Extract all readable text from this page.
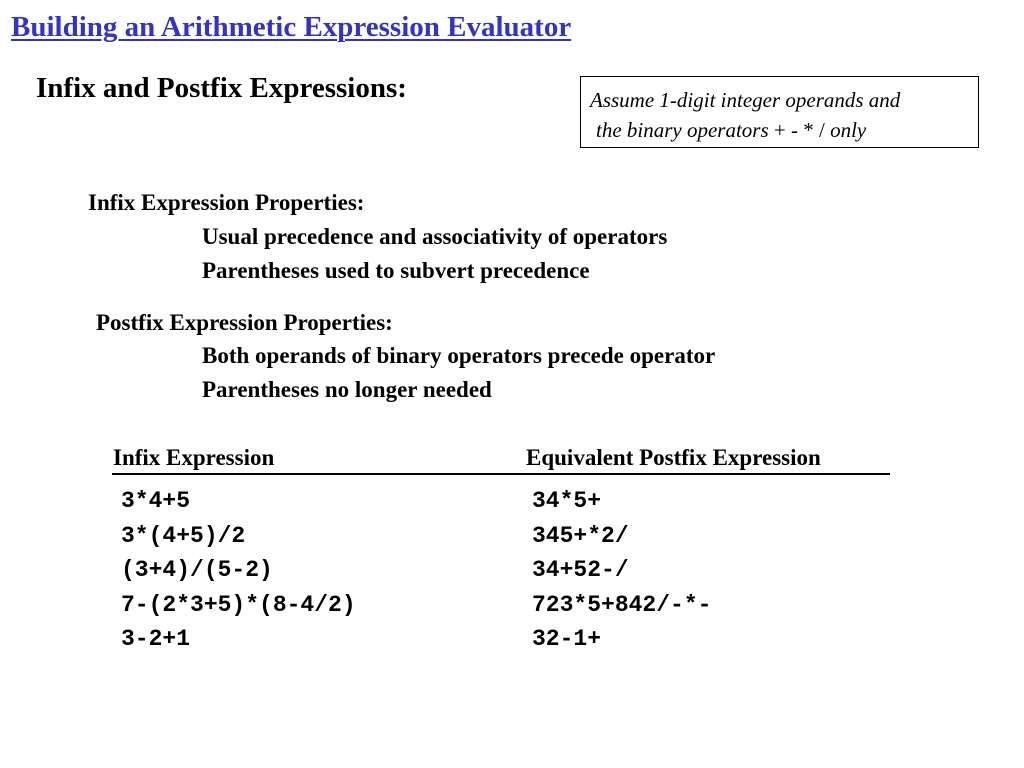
Building an Arithmetic Expression Evaluator
Infix and Postfix Expressions:	Assume 1-digit integer operands and
the binary operators + - * / only
Infix Expression Properties:
Usual precedence and associativity of operators
Parentheses used to subvert precedence
Postfix Expression Properties:
Both operands of binary operators precede operator
Parentheses no longer needed
Infix Expression	Equivalent Postfix Expression
3*4+5	34*5+
3*(4+5)/2	345+*2/
(3+4)/(5-2)	34+52-/
7-(2*3+5)*(8-4/2)	723*5+842/-*-
3-2+1	32-1+
